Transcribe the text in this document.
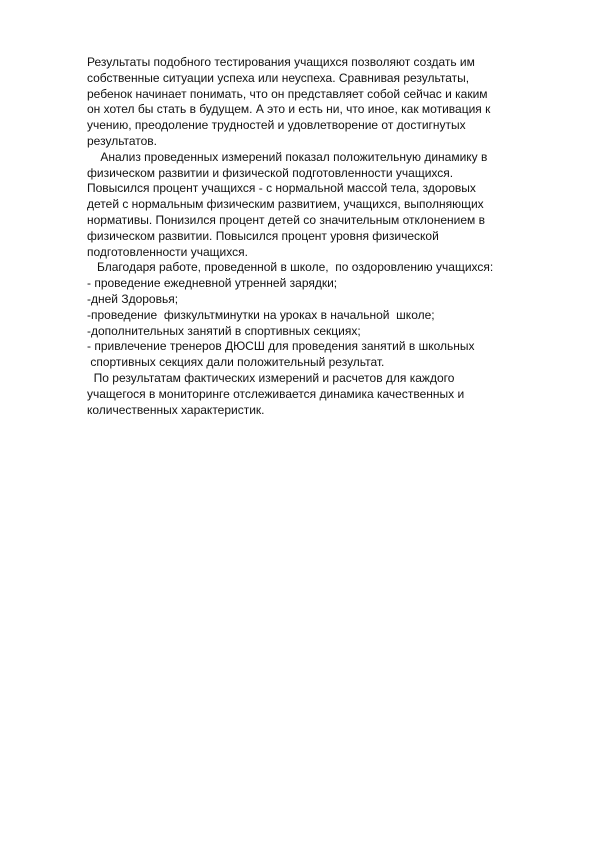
Результаты подобного тестирования учащихся позволяют создать им
собственные ситуации успеха или неуспеха. Сравнивая результаты,
ребенок начинает понимать, что он представляет собой сейчас и каким
он хотел бы стать в будущем. А это и есть ни, что иное, как мотивация к
учению, преодоление трудностей и удовлетворение от достигнутых
результатов.
Анализ проведенных измерений показал положительную динамику в
физическом развитии и физической подготовленности учащихся.
Повысился процент учащихся - с нормальной массой тела, здоровых
детей с нормальным физическим развитием, учащихся, выполняющих
нормативы. Понизился процент детей со значительным отклонением в
физическом развитии. Повысился процент уровня физической
подготовленности учащихся.
Благодаря работе, проведенной в школе,  по оздоровлению учащихся:
- проведение ежедневной утренней зарядки;
-дней Здоровья;
-проведение  физкультминутки на уроках в начальной  школе;
-дополнительных занятий в спортивных секциях;
- привлечение тренеров ДЮСШ для проведения занятий в школьных
спортивных секциях дали положительный результат.
По результатам фактических измерений и расчетов для каждого
учащегося в мониторинге отслеживается динамика качественных и
количественных характеристик.
